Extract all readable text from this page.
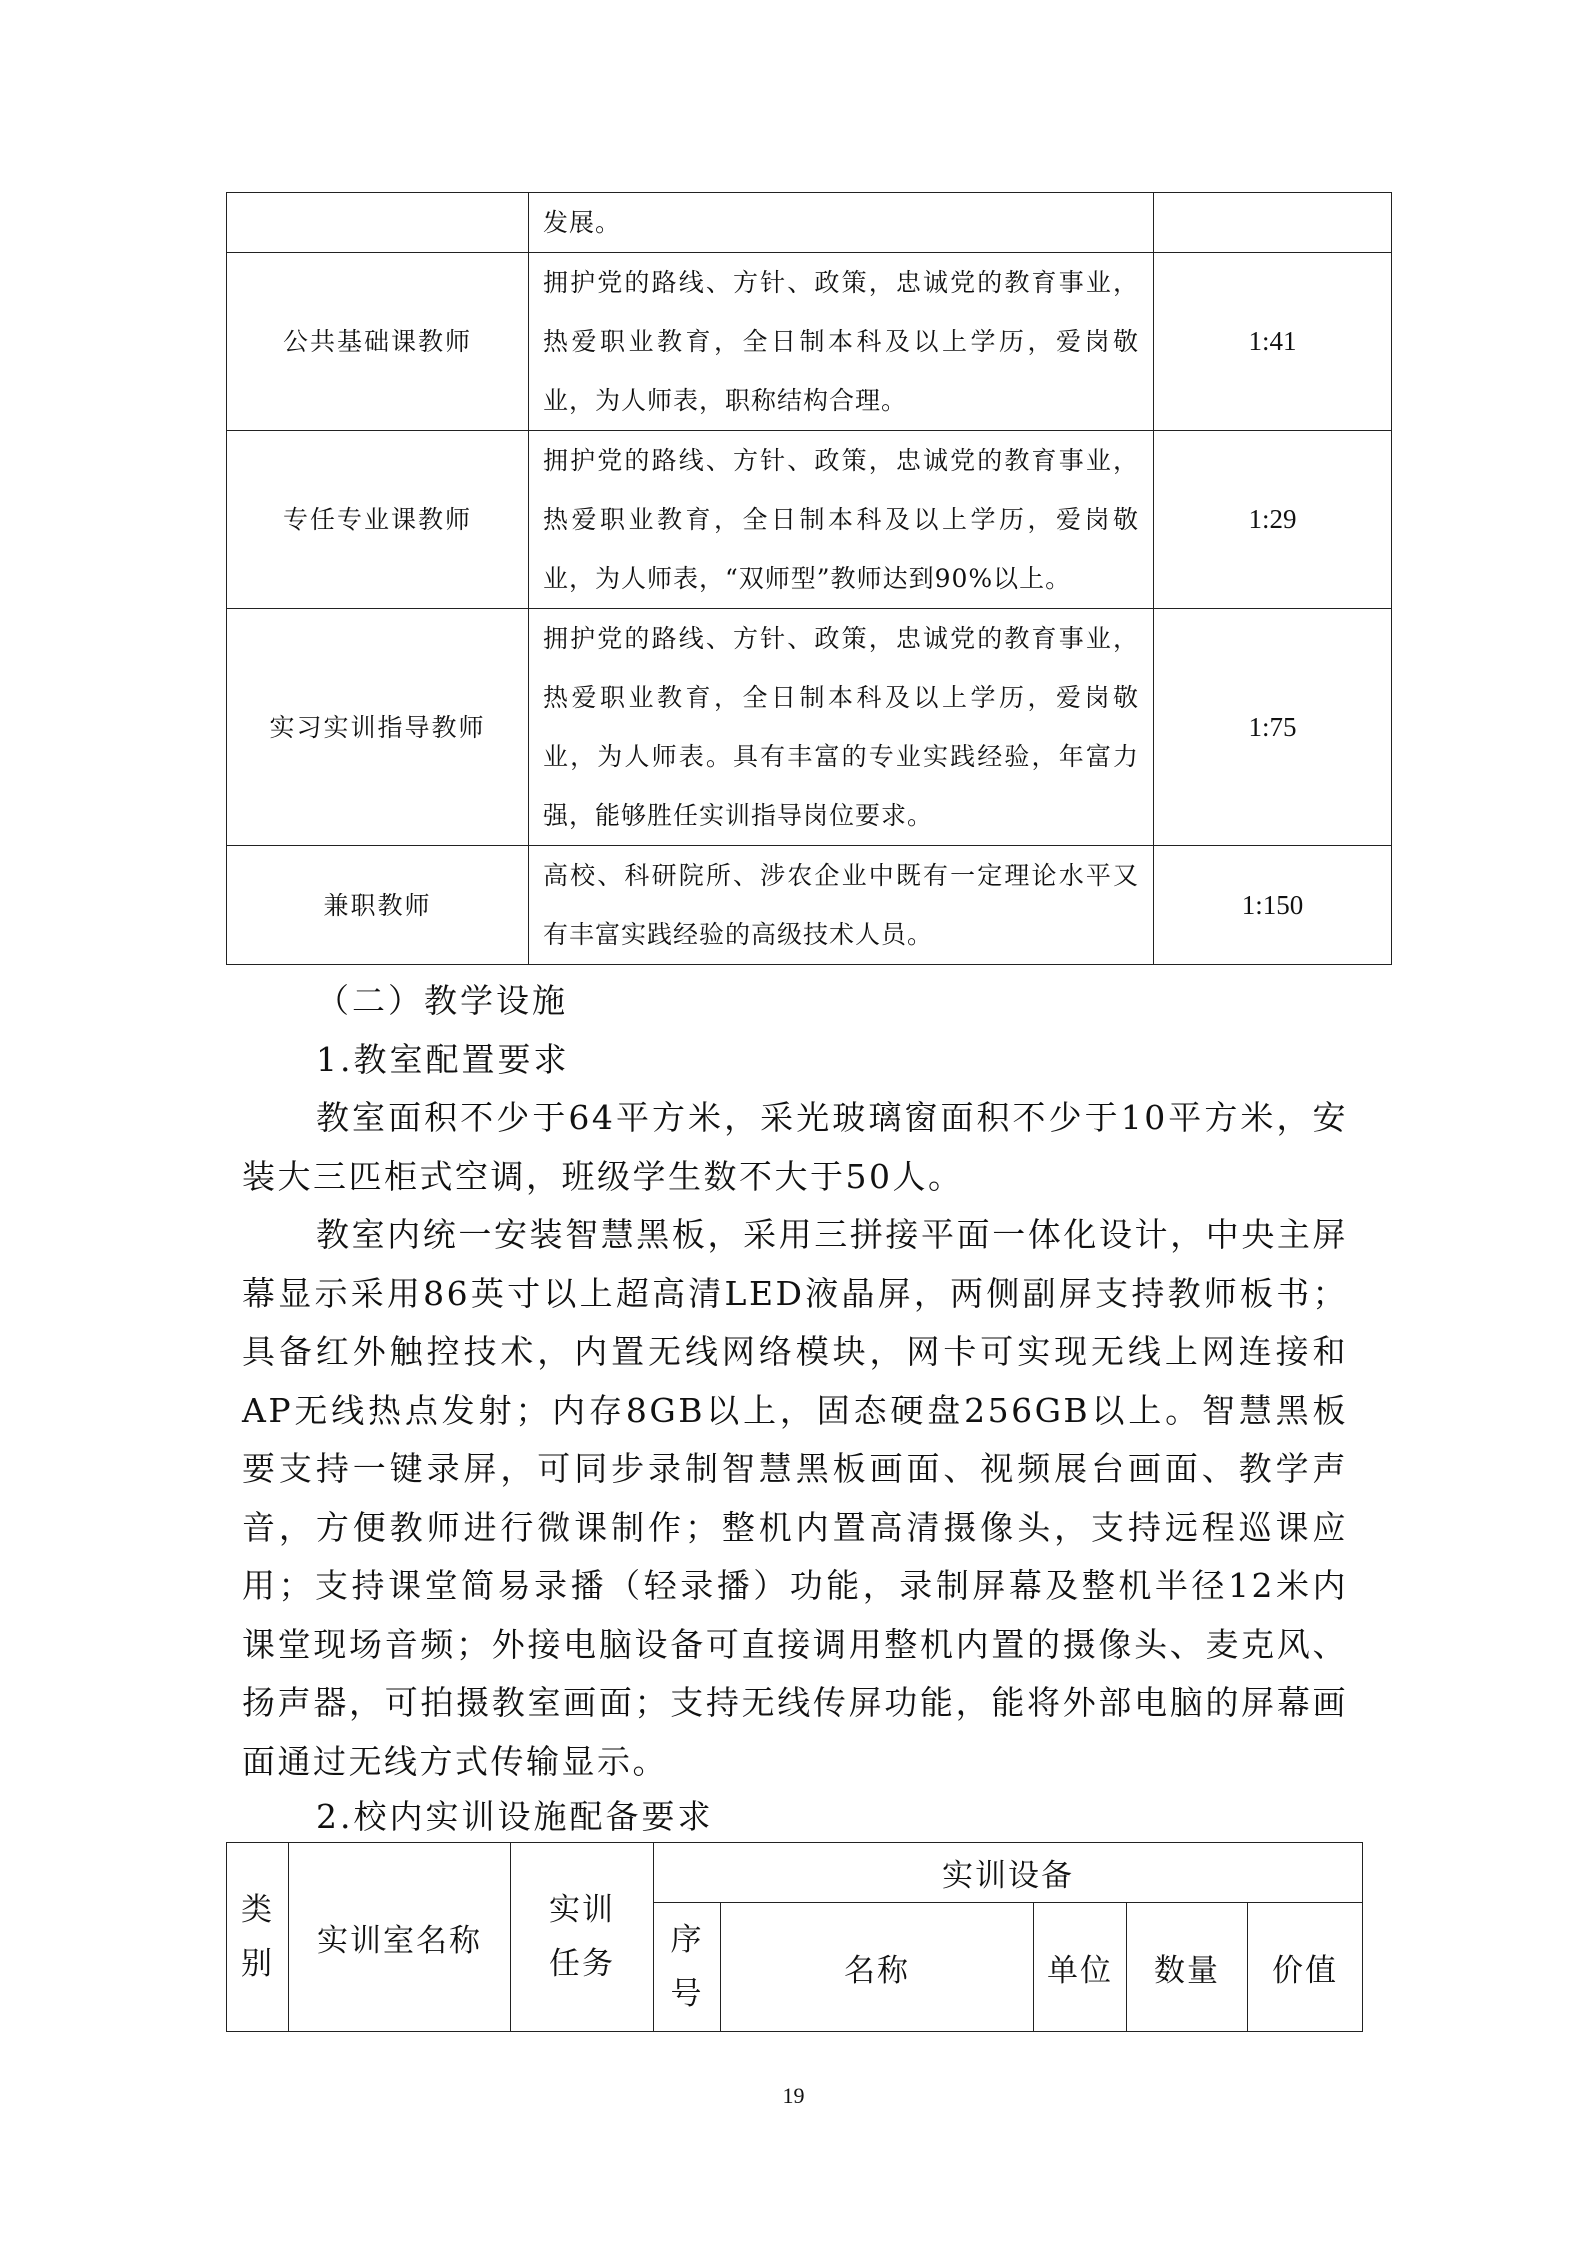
	发展。	
公共基础课教师	拥护党的路线、方针、政策，忠诚党的教育事业，热爱职业教育，全日制本科及以上学历，爱岗敬业，为人师表，职称结构合理。	1:41
专任专业课教师	拥护党的路线、方针、政策，忠诚党的教育事业，热爱职业教育，全日制本科及以上学历，爱岗敬业，为人师表，“双师型”教师达到90%以上。	1:29
实习实训指导教师	拥护党的路线、方针、政策，忠诚党的教育事业，热爱职业教育，全日制本科及以上学历，爱岗敬业，为人师表。具有丰富的专业实践经验，年富力强，能够胜任实训指导岗位要求。	1:75
兼职教师	高校、科研院所、涉农企业中既有一定理论水平又有丰富实践经验的高级技术人员。	1:150
（二）教学设施
1.教室配置要求

教室面积不少于64平方米，采光玻璃窗面积不少于10平方米，安装大三匹柜式空调，班级学生数不大于50人。

教室内统一安装智慧黑板，采用三拼接平面一体化设计，中央主屏幕显示采用86英寸以上超高清LED液晶屏，两侧副屏支持教师板书；具备红外触控技术，内置无线网络模块，网卡可实现无线上网连接和AP无线热点发射；内存8GB以上，固态硬盘256GB以上。智慧黑板要支持一键录屏，可同步录制智慧黑板画面、视频展台画面、教学声音，方便教师进行微课制作；整机内置高清摄像头，支持远程巡课应用；支持课堂简易录播（轻录播）功能，录制屏幕及整机半径12米内课堂现场音频；外接电脑设备可直接调用整机内置的摄像头、麦克风、扬声器，可拍摄教室画面；支持无线传屏功能，能将外部电脑的屏幕画面通过无线方式传输显示。

2.校内实训设施配备要求
类别	实训室名称	实训任务	实训设备				
			序号	名称	单位	数量	价值
19
